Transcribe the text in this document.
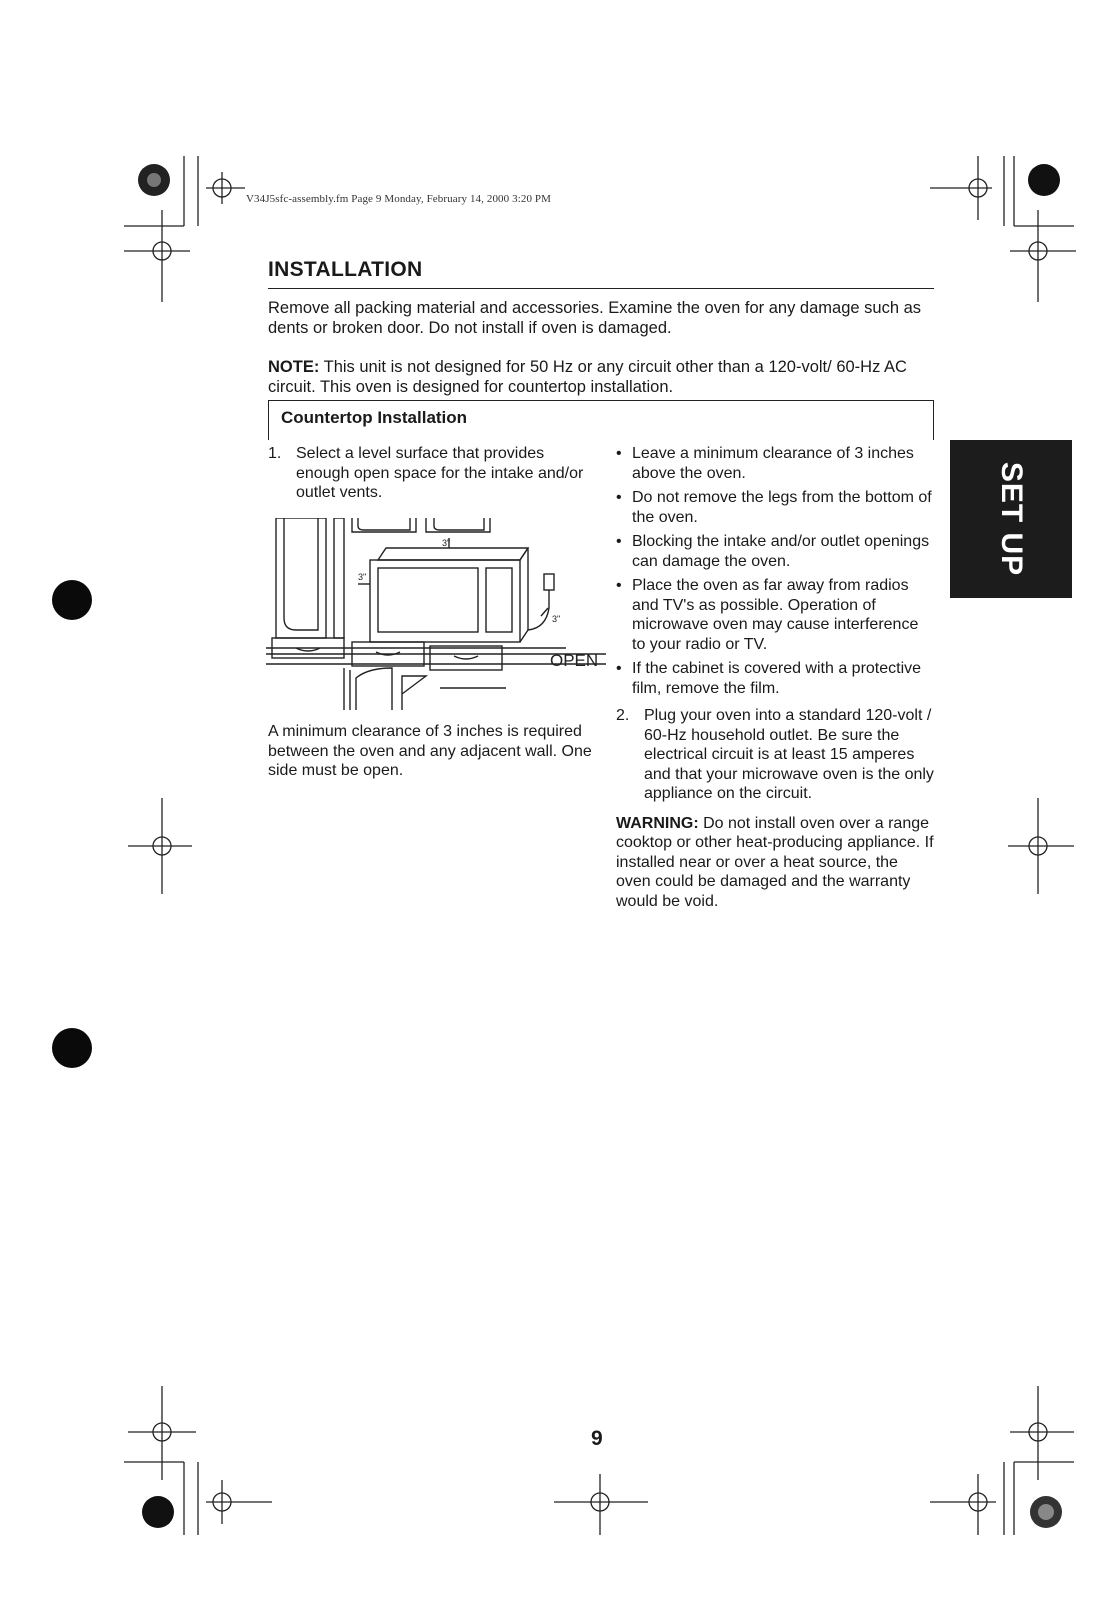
V34J5sfc-assembly.fm Page 9 Monday, February 14, 2000 3:20 PM
INSTALLATION
Remove all packing material and accessories. Examine the oven for any damage such as dents or broken door. Do not install if oven is damaged.
NOTE: This unit is not designed for 50 Hz or any circuit other than a 120-volt/ 60-Hz AC circuit. This oven is designed for countertop installation.
Countertop Installation
1. Select a level surface that provides enough open space for the intake and/or outlet vents.
3"
3"
3"
OPEN
A minimum clearance of 3 inches is required between the oven and any adjacent wall. One side must be open.
• Leave a minimum clearance of 3 inches above the oven.
• Do not remove the legs from the bottom of the oven.
• Blocking the intake and/or outlet openings can damage the oven.
• Place the oven as far away from radios and TV's as possible. Operation of microwave oven may cause interference to your radio or TV.
• If the cabinet is covered with a protective film, remove the film.
2. Plug your oven into a standard 120-volt / 60-Hz household outlet. Be sure the electrical circuit is at least 15 amperes and that your microwave oven is the only appliance on the circuit.
WARNING: Do not install oven over a range cooktop or other heat-producing appliance. If installed near or over a heat source, the oven could be damaged and the warranty would be void.
SET UP
9
